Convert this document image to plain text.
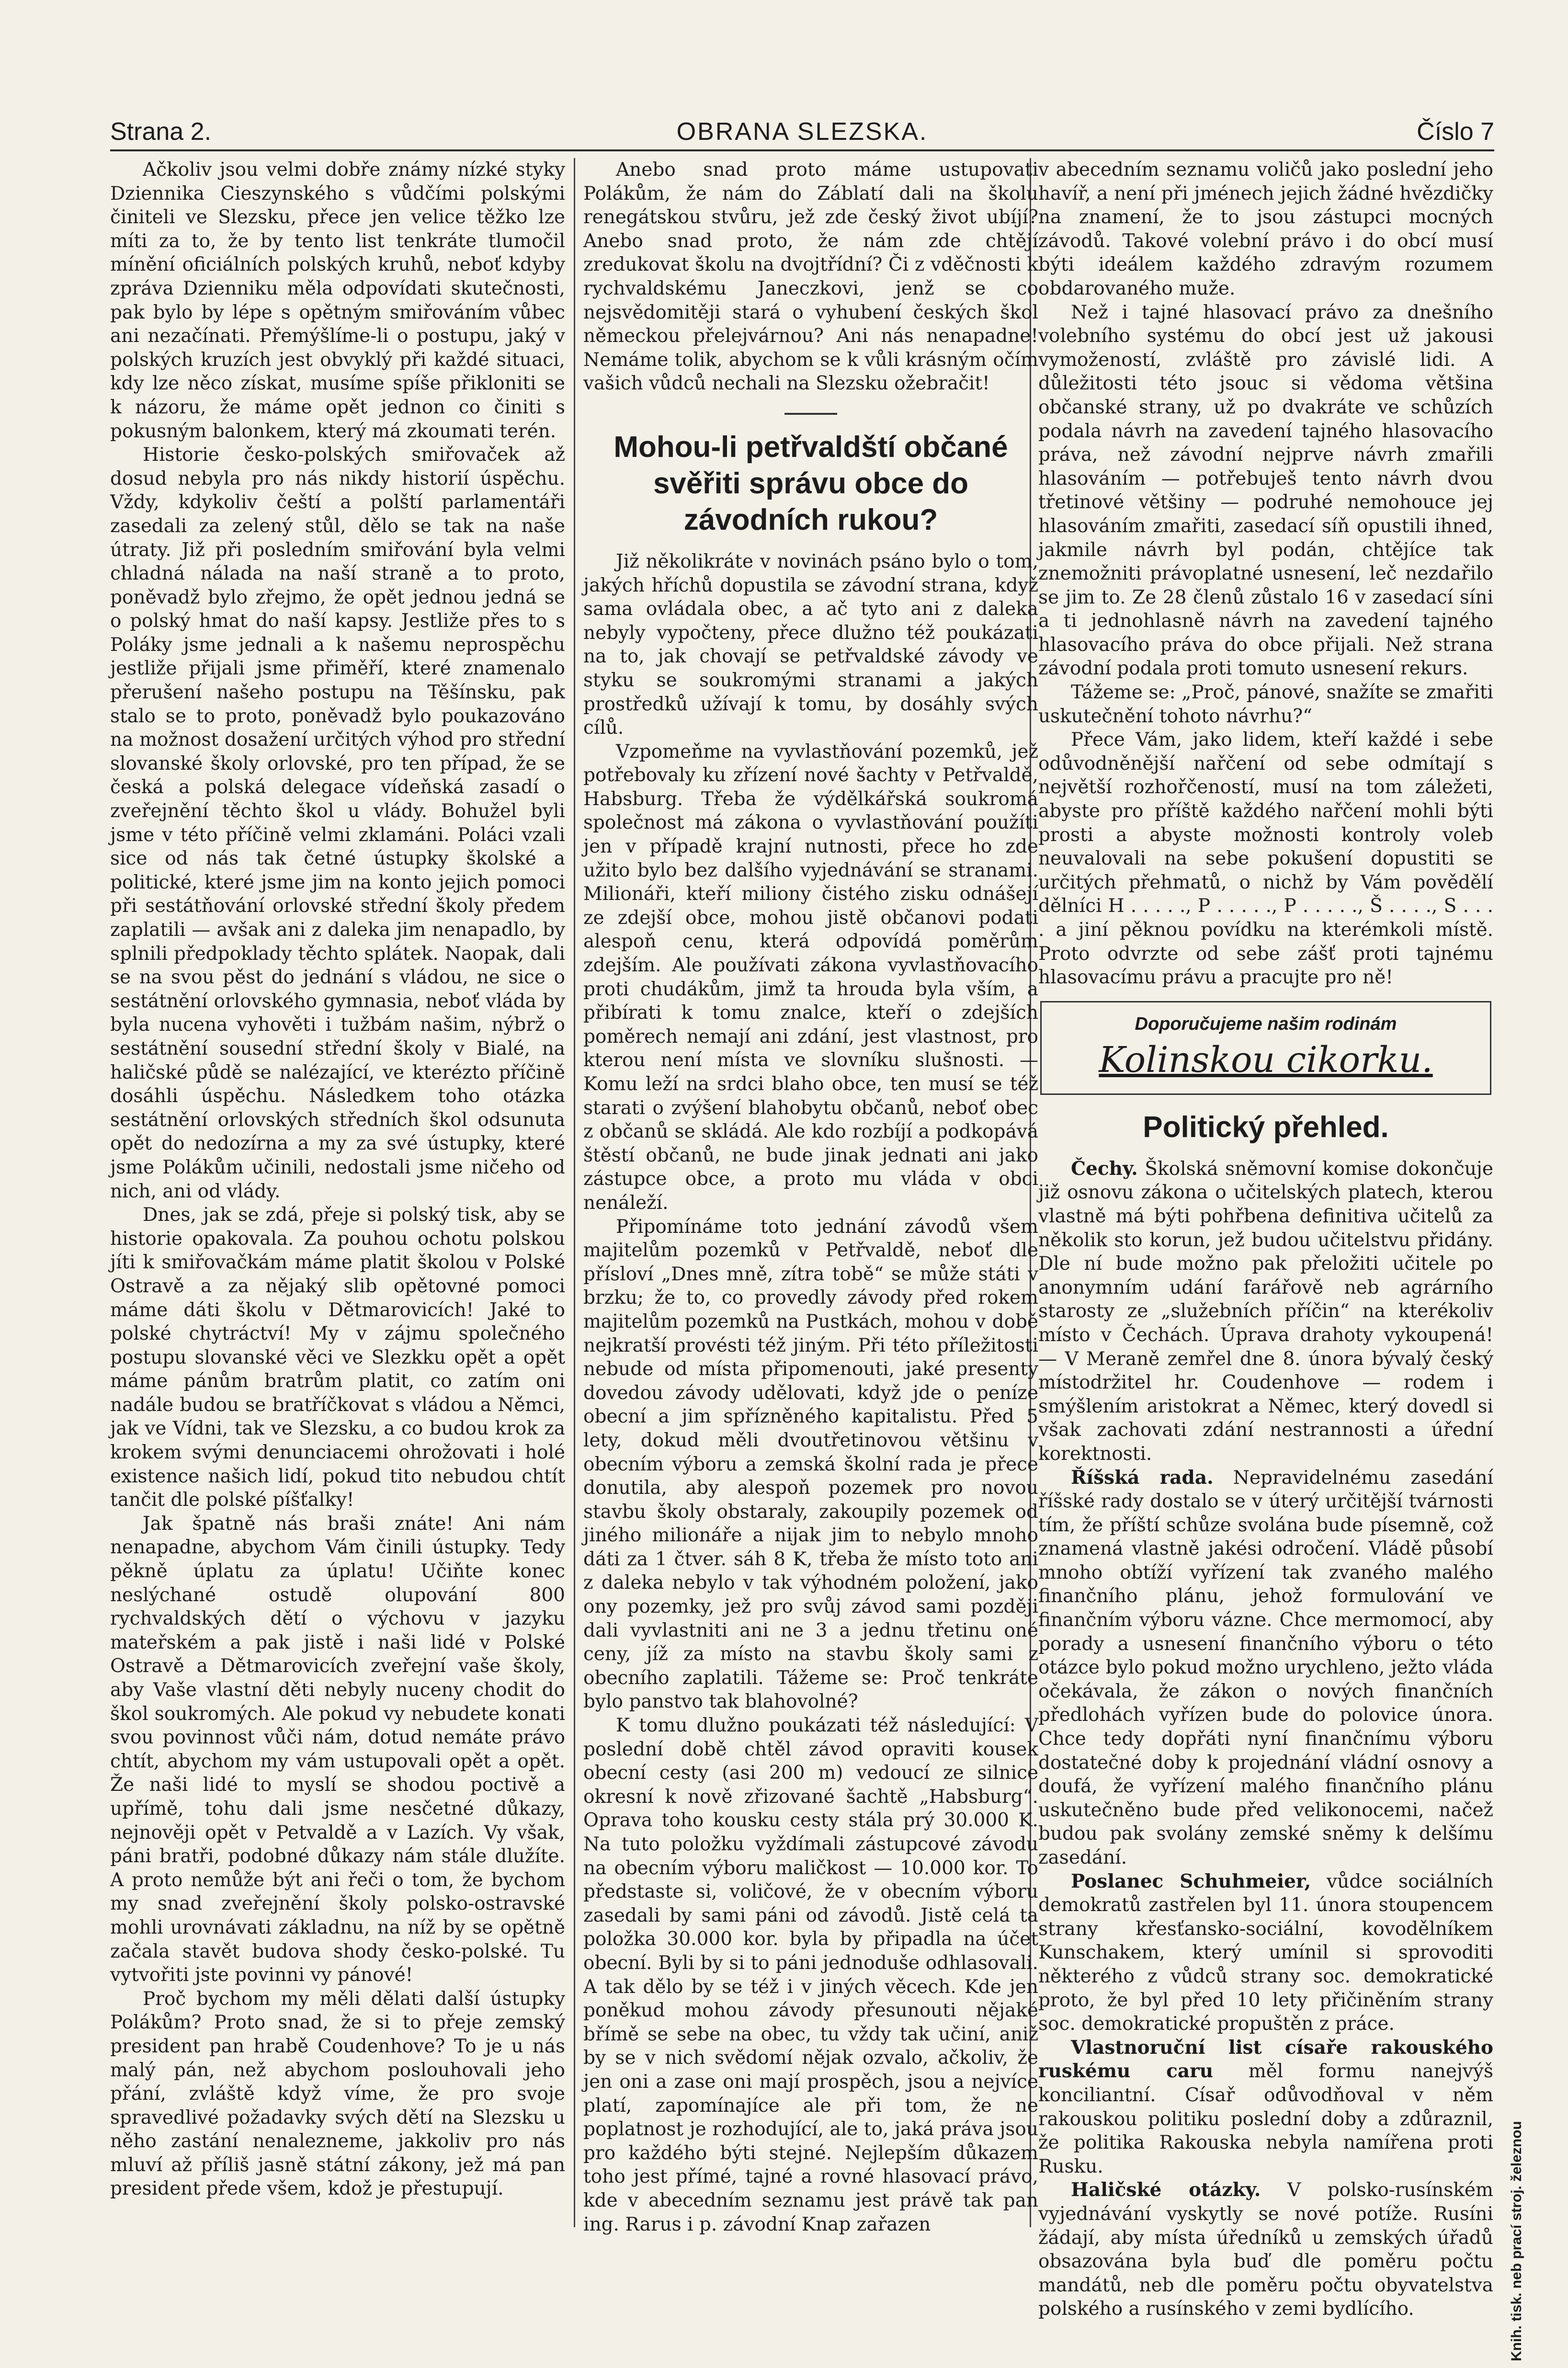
Strana 2.	OBRANA SLEZSKA.	Číslo 7

Ačkoliv jsou velmi dobře známy nízké styky Dziennika Cieszynského s vůdčími polskými činiteli ve Slezsku, přece jen velice těžko lze míti za to, že by tento list tenkráte tlumočil mínění oficiálních polských kruhů, neboť kdyby zpráva Dzienniku měla odpovídati skutečnosti, pak bylo by lépe s opětným smiřováním vůbec ani nezačínati. Přemýšlíme-li o postupu, jaký v polských kruzích jest obvyklý při každé situaci, kdy lze něco získat, musíme spíše přikloniti se k názoru, že máme opět jednon co činiti s pokusným balonkem, který má zkoumati terén.

Historie česko-polských smiřovaček až dosud nebyla pro nás nikdy historií úspěchu. Vždy, kdykoliv čeští a polští parlamentáři zasedali za zelený stůl, dělo se tak na naše útraty. Již při posledním smiřování byla velmi chladná nálada na naší straně a to proto, poněvadž bylo zřejmo, že opět jednou jedná se o polský hmat do naší kapsy. Jestliže přes to s Poláky jsme jednali a k našemu neprospěchu jestliže přijali jsme přiměří, které znamenalo přerušení našeho postupu na Těšínsku, pak stalo se to proto, poněvadž bylo poukazováno na možnost dosažení určitých výhod pro střední slovanské školy orlovské, pro ten případ, že se česká a polská delegace vídeňská zasadí o zveřejnění těchto škol u vlády. Bohužel byli jsme v této příčině velmi zklamáni. Poláci vzali sice od nás tak četné ústupky školské a politické, které jsme jim na konto jejich pomoci při sestátňování orlovské střední školy předem zaplatili — avšak ani z daleka jim nenapadlo, by splnili předpoklady těchto splátek. Naopak, dali se na svou pěst do jednání s vládou, ne sice o sestátnění orlovského gymnasia, neboť vláda by byla nucena vyhověti i tužbám našim, nýbrž o sestátnění sousední střední školy v Bialé, na haličské půdě se nalézající, ve kterézto příčině dosáhli úspěchu. Následkem toho otázka sestátnění orlovských středních škol odsunuta opět do nedozírna a my za své ústupky, které jsme Polákům učinili, nedostali jsme ničeho od nich, ani od vlády.

Dnes, jak se zdá, přeje si polský tisk, aby se historie opakovala. Za pouhou ochotu polskou jíti k smiřovačkám máme platit školou v Polské Ostravě a za nějaký slib opětovné pomoci máme dáti školu v Dětmarovicích! Jaké to polské chytráctví! My v zájmu společného postupu slovanské věci ve Slezkku opět a opět máme pánům bratrům platit, co zatím oni nadále budou se bratříčkovat s vládou a Němci, jak ve Vídni, tak ve Slezsku, a co budou krok za krokem svými denunciacemi ohrožovati i holé existence našich lidí, pokud tito nebudou chtít tančit dle polské píšťalky!

Jak špatně nás braši znáte! Ani nám nenapadne, abychom Vám činili ústupky. Tedy pěkně úplatu za úplatu! Učiňte konec neslýchané ostudě olupování 800 rychvaldských dětí o výchovu v jazyku mateřském a pak jistě i naši lidé v Polské Ostravě a Dětmarovicích zveřejní vaše školy, aby Vaše vlastní děti nebyly nuceny chodit do škol soukromých. Ale pokud vy nebudete konati svou povinnost vůči nám, dotud nemáte právo chtít, abychom my vám ustupovali opět a opět. Že naši lidé to myslí se shodou poctivě a upřímě, tohu dali jsme nesčetné důkazy, nejnověji opět v Petvaldě a v Lazích. Vy však, páni bratři, podobné důkazy nám stále dlužíte. A proto nemůže být ani řeči o tom, že bychom my snad zveřejnění školy polsko-ostravské mohli urovnávati základnu, na níž by se opětně začala stavět budova shody česko-polské. Tu vytvořiti jste povinni vy pánové!

Proč bychom my měli dělati další ústupky Polákům? Proto snad, že si to přeje zemský president pan hrabě Coudenhove? To je u nás malý pán, než abychom poslouhovali jeho přání, zvláště když víme, že pro svoje spravedlivé požadavky svých dětí na Slezsku u něho zastání nenalezneme, jakkoliv pro nás mluví až příliš jasně státní zákony, jež má pan president přede všem, kdož je přestupují.

Anebo snad proto máme ustupovati Polákům, že nám do Záblatí dali na školu renegátskou stvůru, jež zde český život ubíjí? Anebo snad proto, že nám zde chtějí zredukovat školu na dvojtřídní? Či z vděčnosti k rychvaldskému Janeczkovi, jenž se co nejsvědomitěji stará o vyhubení českých škol německou přelejvárnou? Ani nás nenapadne! Nemáme tolik, abychom se k vůli krásným očím vašich vůdců nechali na Slezsku ožebračit!

Mohou-li petřvaldští občané svěřiti správu obce do závodních rukou?

Již několikráte v novinách psáno bylo o tom, jakých hříchů dopustila se závodní strana, když sama ovládala obec, a ač tyto ani z daleka nebyly vypočteny, přece dlužno též poukázati na to, jak chovají se petřvaldské závody ve styku se soukromými stranami a jakých prostředků užívají k tomu, by dosáhly svých cílů.

Vzpomeňme na vyvlastňování pozemků, jež potřebovaly ku zřízení nové šachty v Petřvaldě, Habsburg. Třeba že výdělkářská soukromá společnost má zákona o vyvlastňování použíti jen v případě krajní nutnosti, přece ho zde užito bylo bez dalšího vyjednávání se stranami. Milionáři, kteří miliony čistého zisku odnášejí ze zdejší obce, mohou jistě občanovi podati alespoň cenu, která odpovídá poměrům zdejším. Ale používati zákona vyvlastňovacího proti chudákům, jimž ta hrouda byla vším, a přibírati k tomu znalce, kteří o zdejších poměrech nemají ani zdání, jest vlastnost, pro kterou není místa ve slovníku slušnosti. — Komu leží na srdci blaho obce, ten musí se též starati o zvýšení blahobytu občanů, neboť obec z občanů se skládá. Ale kdo rozbíjí a podkopává štěstí občanů, ne bude jinak jednati ani jako zástupce obce, a proto mu vláda v obci nenáleží.

Připomínáme toto jednání závodů všem majitelům pozemků v Petřvaldě, neboť dle přísloví „Dnes mně, zítra tobě“ se může státi v brzku; že to, co provedly závody před rokem majitelům pozemků na Pustkách, mohou v době nejkratší provésti též jiným. Při této příležitosti nebude od místa připomenouti, jaké presenty dovedou závody udělovati, když jde o peníze obecní a jim spřízněného kapitalistu. Před 5 lety, dokud měli dvoutřetinovou většinu v obecním výboru a zemská školní rada je přece donutila, aby alespoň pozemek pro novou stavbu školy obstaraly, zakoupily pozemek od jiného milionáře a nijak jim to nebylo mnoho dáti za 1 čtver. sáh 8 K, třeba že místo toto ani z daleka nebylo v tak výhodném položení, jako ony pozemky, jež pro svůj závod sami později dali vyvlastniti ani ne 3 a jednu třetinu oné ceny, jíž za místo na stavbu školy sami z obecního zaplatili. Tážeme se: Proč tenkráte bylo panstvo tak blahovolné?

K tomu dlužno poukázati též následující: V poslední době chtěl závod opraviti kousek obecní cesty (asi 200 m) vedoucí ze silnice okresní k nově zřizované šachtě „Habsburg“. Oprava toho kousku cesty stála prý 30.000 K. Na tuto položku vyždímali zástupcové závodu na obecním výboru maličkost — 10.000 kor. To předstaste si, voličové, že v obecním výboru zasedali by sami páni od závodů. Jistě celá ta položka 30.000 kor. byla by připadla na účet obecní. Byli by si to páni jednoduše odhlasovali. A tak dělo by se též i v jiných věcech. Kde jen poněkud mohou závody přesunouti nějaké břímě se sebe na obec, tu vždy tak učiní, aniž by se v nich svědomí nějak ozvalo, ačkoliv, že jen oni a zase oni mají prospěch, jsou a nejvíce platí, zapomínajíce ale při tom, že ne poplatnost je rozhodující, ale to, jaká práva jsou pro každého býti stejné. Nejlepším důkazem toho jest přímé, tajné a rovné hlasovací právo, kde v abecedním seznamu jest právě tak pan ing. Rarus i p. závodní Knap zařazen

v abecedním seznamu voličů jako poslední jeho havíř, a není při jménech jejich žádné hvězdičky na znamení, že to jsou zástupci mocných závodů. Takové volební právo i do obcí musí býti ideálem každého zdravým rozumem obdarovaného muže.

Než i tajné hlasovací právo za dnešního volebního systému do obcí jest už jakousi vymožeností, zvláště pro závislé lidi. A důležitosti této jsouc si vědoma většina občanské strany, už po dvakráte ve schůzích podala návrh na zavedení tajného hlasovacího práva, než závodní nejprve návrh zmařili hlasováním — potřebuješ tento návrh dvou třetinové většiny — podruhé nemohouce jej hlasováním zmařiti, zasedací síň opustili ihned, jakmile návrh byl podán, chtějíce tak znemožniti právoplatné usnesení, leč nezdařilo se jim to. Ze 28 členů zůstalo 16 v zasedací síni a ti jednohlasně návrh na zavedení tajného hlasovacího práva do obce přijali. Než strana závodní podala proti tomuto usnesení rekurs.

Tážeme se: „Proč, pánové, snažíte se zmařiti uskutečnění tohoto návrhu?“

Přece Vám, jako lidem, kteří každé i sebe odůvodněnější nařčení od sebe odmítají s největší rozhořčeností, musí na tom záležeti, abyste pro příště každého nařčení mohli býti prosti a abyste možnosti kontroly voleb neuvalovali na sebe pokušení dopustiti se určitých přehmatů, o nichž by Vám povědělí dělníci H . . . . ., P . . . . ., P . . . . ., Š . . . ., S . . . . a jiní pěknou povídku na kterémkoli místě. Proto odvrzte od sebe zášť proti tajnému hlasovacímu právu a pracujte pro ně!

Doporučujeme našim rodinám
Kolinskou cikorku.
Politický přehled.

Čechy. Školská sněmovní komise dokončuje již osnovu zákona o učitelských platech, kterou vlastně má býti pohřbena definitiva učitelů za několik sto korun, jež budou učitelstvu přidány. Dle ní bude možno pak přeložiti učitele po anonymním udání farářově neb agrárního starosty ze „služebních příčin“ na kterékoliv místo v Čechách. Úprava drahoty vykoupená! — V Meraně zemřel dne 8. února bývalý český místodržitel hr. Coudenhove — rodem i smýšlením aristokrat a Němec, který dovedl si však zachovati zdání nestrannosti a úřední korektnosti.

Říšská rada. Nepravidelnému zasedání říšské rady dostalo se v úterý určitější tvárnosti tím, že příští schůze svolána bude písemně, což znamená vlastně jakési odročení. Vládě působí mnoho obtíží vyřízení tak zvaného malého finančního plánu, jehož formulování ve finančním výboru vázne. Chce mermomocí, aby porady a usnesení finančního výboru o této otázce bylo pokud možno urychleno, ježto vláda očekávala, že zákon o nových finančních předlohách vyřízen bude do polovice února. Chce tedy dopřáti nyní finančnímu výboru dostatečné doby k projednání vládní osnovy a doufá, že vyřízení malého finančního plánu uskutečněno bude před velikonocemi, načež budou pak svolány zemské sněmy k delšímu zasedání.

Poslanec Schuhmeier, vůdce sociálních demokratů zastřelen byl 11. února stoupencem strany křesťansko-sociální, kovodělníkem Kunschakem, který umínil si sprovoditi některého z vůdců strany soc. demokratické proto, že byl před 10 lety přičiněním strany soc. demokratické propuštěn z práce.

Vlastnoruční list císaře rakouského ruskému caru měl formu nanejvýš konciliantní. Císař odůvodňoval v něm rakouskou politiku poslední doby a zdůraznil, že politika Rakouska nebyla namířena proti Rusku.

Haličské otázky. V polsko-rusínském vyjednávání vyskytly se nové potíže. Rusíni žádají, aby místa úředníků u zemských úřadů obsazována byla buď dle poměru počtu mandátů, neb dle poměru počtu obyvatelstva polského a rusínského v zemi bydlícího.	Knih. tisk. neb prací stroj. železnou
